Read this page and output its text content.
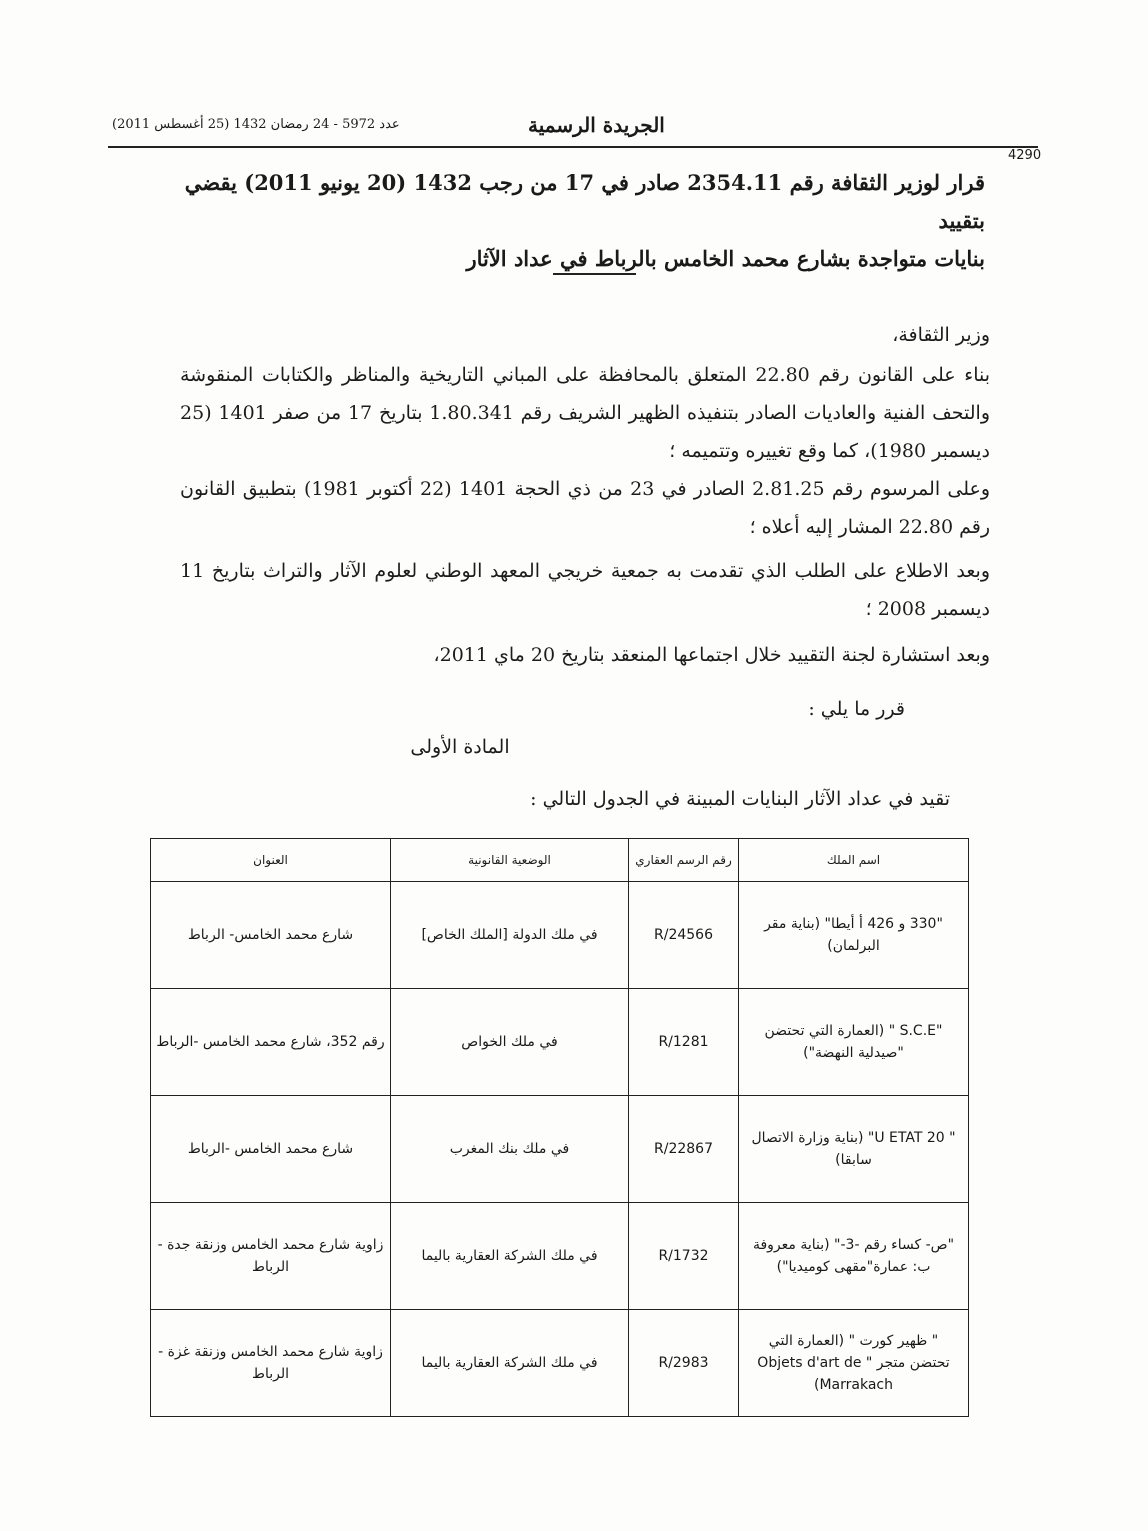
عدد 5972 - 24 رمضان 1432 (25 أغسطس 2011)	الجريدة الرسمية
4290
قرار لوزير الثقافة رقم 2354.11 صادر في 17 من رجب 1432 (20 يونيو 2011) يقضي بتقييد
بنايات متواجدة بشارع محمد الخامس بالرباط في عداد الآثار
وزير الثقافة،
بناء على القانون رقم 22.80 المتعلق بالمحافظة على المباني التاريخية والمناظر والكتابات المنقوشة والتحف الفنية والعاديات الصادر بتنفيذه الظهير الشريف رقم 1.80.341 بتاريخ 17 من صفر 1401 (25 ديسمبر 1980)، كما وقع تغييره وتتميمه ؛
وعلى المرسوم رقم 2.81.25 الصادر في 23 من ذي الحجة 1401 (22 أكتوبر 1981) بتطبيق القانون رقم 22.80 المشار إليه أعلاه ؛
وبعد الاطلاع على الطلب الذي تقدمت به جمعية خريجي المعهد الوطني لعلوم الآثار والتراث بتاريخ 11 ديسمبر 2008 ؛
وبعد استشارة لجنة التقييد خلال اجتماعها المنعقد بتاريخ 20 ماي 2011،
قرر ما يلي :
المادة الأولى
تقيد في عداد الآثار البنايات المبينة في الجدول التالي :
العنوان	الوضعية القانونية	رقم الرسم العقاري	اسم الملك
شارع محمد الخامس- الرباط	في ملك الدولة [الملك الخاص]	R/24566	"330 و 426 أ أيطا" (بناية مقر البرلمان)
رقم 352، شارع محمد الخامس -الرباط	في ملك الخواص	R/1281	"S.C.E " (العمارة التي تحتضن "صيدلية النهضة")
شارع محمد الخامس -الرباط	في ملك بنك المغرب	R/22867	" U ETAT 20" (بناية وزارة الاتصال سابقا)
زاوية شارع محمد الخامس وزنقة جدة - الرباط	في ملك الشركة العقارية باليما	R/1732	"ص- كساء رقم -3-" (بناية معروفة ب: عمارة"مقهى كوميديا")
زاوية شارع محمد الخامس وزنقة غزة - الرباط	في ملك الشركة العقارية باليما	R/2983	" ظهير كورت " (العمارة التي تحتضن متجر " Objets d'art de Marrakach)
